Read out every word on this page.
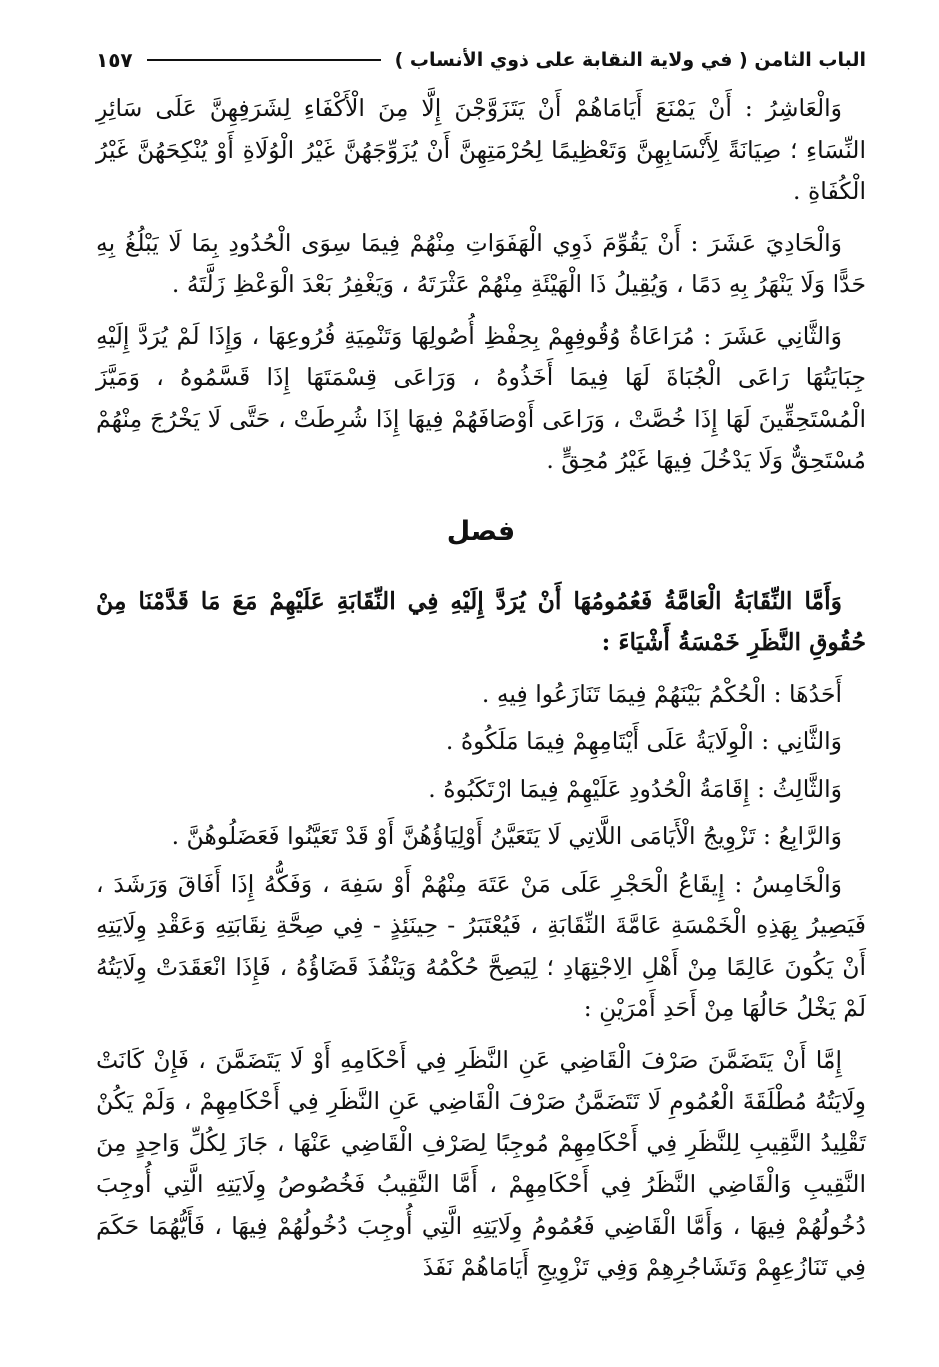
الباب الثامن ( في ولاية النقابة على ذوي الأنساب )
١٥٧

وَالْعَاشِرُ : أَنْ يَمْنَعَ أَيَامَاهُمْ أَنْ يَتَزَوَّجْنَ إِلَّا مِنَ الْأَكْفَاءِ لِشَرَفِهِنَّ عَلَى سَائِرِ النِّسَاءِ ؛ صِيَانَةً لِأَنْسَابِهِنَّ وَتَعْظِيمًا لِحُرْمَتِهِنَّ أَنْ يُزَوِّجَهُنَّ غَيْرُ الْوُلَاةِ أَوْ يُنْكِحَهُنَّ غَيْرُ الْكُفَاةِ .

وَالْحَادِيَ عَشَرَ : أَنْ يَقُوِّمَ ذَوِي الْهَفَوَاتِ مِنْهُمْ فِيمَا سِوَى الْحُدُودِ بِمَا لَا يَبْلُغُ بِهِ حَدًّا وَلَا يَنْهَرُ بِهِ دَمًا ، وَيُقِيلُ ذَا الْهَيْئَةِ مِنْهُمْ عَثْرَتَهُ ، وَيَغْفِرُ بَعْدَ الْوَعْظِ زَلَّتَهُ .

وَالثَّانِي عَشَرَ : مُرَاعَاةُ وُقُوفِهِمْ بِحِفْظِ أُصُولِهَا وَتَنْمِيَةِ فُرُوعِهَا ، وَإِذَا لَمْ يُرَدَّ إِلَيْهِ جِبَايَتُهَا رَاعَى الْجُبَاةَ لَهَا فِيمَا أَخَذُوهُ ، وَرَاعَى قِسْمَتَهَا إِذَا قَسَّمُوهُ ، وَمَيَّزَ الْمُسْتَحِقِّينَ لَهَا إِذَا خُصَّتْ ، وَرَاعَى أَوْصَافَهُمْ فِيهَا إِذَا شُرِطَتْ ، حَتَّى لَا يَخْرُجَ مِنْهُمْ مُسْتَحِقٌّ وَلَا يَدْخُلَ فِيهَا غَيْرُ مُحِقٍّ .

فصل

وَأَمَّا النِّقَابَةُ الْعَامَّةُ فَعُمُومُهَا أَنْ يُرَدَّ إِلَيْهِ فِي النِّقَابَةِ عَلَيْهِمْ مَعَ مَا قَدَّمْنَا مِنْ حُقُوقِ النَّظَرِ خَمْسَةُ أَشْيَاءَ :

أَحَدُهَا : الْحُكْمُ بَيْنَهُمْ فِيمَا تَنَازَعُوا فِيهِ .

وَالثَّانِي : الْوِلَايَةُ عَلَى أَيْتَامِهِمْ فِيمَا مَلَكُوهُ .

وَالثَّالِثُ : إِقَامَةُ الْحُدُودِ عَلَيْهِمْ فِيمَا ارْتَكَبُوهُ .

وَالرَّابِعُ : تَزْوِيجُ الْأَيَامَى اللَّاتِي لَا يَتَعَيَّنُ أَوْلِيَاؤُهُنَّ أَوْ قَدْ تَعَيَّنُوا فَعَضَلُوهُنَّ .

وَالْخَامِسُ : إِيقَاعُ الْحَجْرِ عَلَى مَنْ عَتَهَ مِنْهُمْ أَوْ سَفِهَ ، وَفَكُّهُ إِذَا أَفَاقَ وَرَشَدَ ، فَيَصِيرُ بِهَذِهِ الْخَمْسَةِ عَامَّةَ النِّقَابَةِ ، فَيُعْتَبَرُ - حِينَئِذٍ - فِي صِحَّةِ نِقَابَتِهِ وَعَقْدِ وِلَايَتِهِ أَنْ يَكُونَ عَالِمًا مِنْ أَهْلِ الِاجْتِهَادِ ؛ لِيَصِحَّ حُكْمُهُ وَيَنْفُذَ قَضَاؤُهُ ، فَإِذَا انْعَقَدَتْ وِلَايَتُهُ لَمْ يَخْلُ حَالُهَا مِنْ أَحَدِ أَمْرَيْنِ :

إِمَّا أَنْ يَتَضَمَّنَ صَرْفَ الْقَاضِي عَنِ النَّظَرِ فِي أَحْكَامِهِ أَوْ لَا يَتَضَمَّنَ ، فَإِنْ كَانَتْ وِلَايَتُهُ مُطْلَقَةَ الْعُمُومِ لَا تَتَضَمَّنُ صَرْفَ الْقَاضِي عَنِ النَّظَرِ فِي أَحْكَامِهِمْ ، وَلَمْ يَكُنْ تَقْلِيدُ النَّقِيبِ لِلنَّظَرِ فِي أَحْكَامِهِمْ مُوجِبًا لِصَرْفِ الْقَاضِي عَنْهَا ، جَازَ لِكُلِّ وَاحِدٍ مِنَ النَّقِيبِ وَالْقَاضِي النَّظَرُ فِي أَحْكَامِهِمْ ، أَمَّا النَّقِيبُ فَخُصُوصُ وِلَايَتِهِ الَّتِي أُوجِبَ دُخُولُهُمْ فِيهَا ، وَأَمَّا الْقَاضِي فَعُمُومُ وِلَايَتِهِ الَّتِي أُوجِبَ دُخُولُهُمْ فِيهَا ، فَأَيُّهُمَا حَكَمَ فِي تَنَازُعِهِمْ وَتَشَاجُرِهِمْ وَفِي تَزْوِيجِ أَيَامَاهُمْ نَفَذَ
